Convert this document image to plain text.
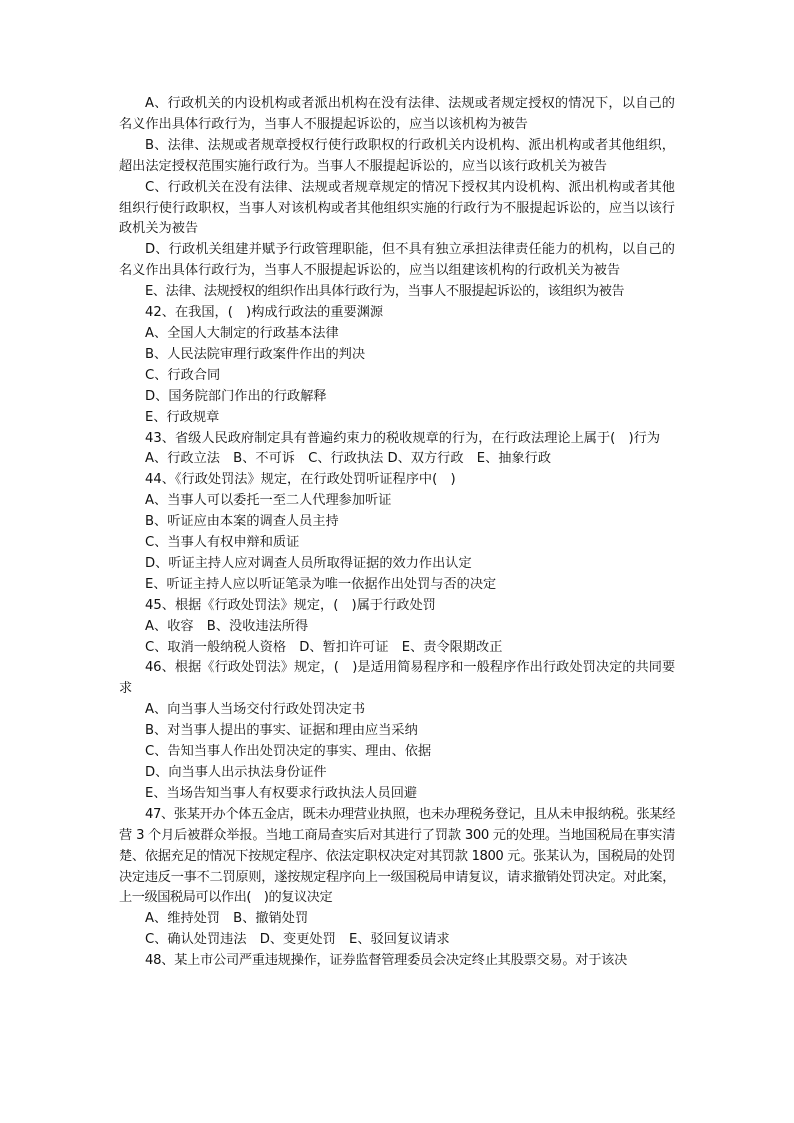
A、行政机关的内设机构或者派出机构在没有法律、法规或者规定授权的情况下，以自己的名义作出具体行政行为，当事人不服提起诉讼的，应当以该机构为被告

B、法律、法规或者规章授权行使行政职权的行政机关内设机构、派出机构或者其他组织，超出法定授权范围实施行政行为。当事人不服提起诉讼的，应当以该行政机关为被告

C、行政机关在没有法律、法规或者规章规定的情况下授权其内设机构、派出机构或者其他组织行使行政职权，当事人对该机构或者其他组织实施的行政行为不服提起诉讼的，应当以该行政机关为被告

D、行政机关组建并赋予行政管理职能，但不具有独立承担法律责任能力的机构，以自己的名义作出具体行政行为，当事人不服提起诉讼的，应当以组建该机构的行政机关为被告

E、法律、法规授权的组织作出具体行政行为，当事人不服提起诉讼的，该组织为被告

42、在我国，(　)构成行政法的重要渊源

A、全国人大制定的行政基本法律

B、人民法院审理行政案件作出的判决

C、行政合同

D、国务院部门作出的行政解释

E、行政规章

43、省级人民政府制定具有普遍约束力的税收规章的行为，在行政法理论上属于(　)行为

A、行政立法　B、不可诉　C、行政执法 D、双方行政　E、抽象行政

44、《行政处罚法》规定，在行政处罚听证程序中(　)

A、当事人可以委托一至二人代理参加听证

B、听证应由本案的调查人员主持

C、当事人有权申辩和质证

D、听证主持人应对调查人员所取得证据的效力作出认定

E、听证主持人应以听证笔录为唯一依据作出处罚与否的决定

45、根据《行政处罚法》规定，(　)属于行政处罚

A、收容　B、没收违法所得

C、取消一般纳税人资格　D、暂扣许可证　E、责令限期改正

46、根据《行政处罚法》规定，(　)是适用简易程序和一般程序作出行政处罚决定的共同要求

A、向当事人当场交付行政处罚决定书

B、对当事人提出的事实、证据和理由应当采纳

C、告知当事人作出处罚决定的事实、理由、依据

D、向当事人出示执法身份证件

E、当场告知当事人有权要求行政执法人员回避

47、张某开办个体五金店，既未办理营业执照，也未办理税务登记，且从未申报纳税。张某经营 3 个月后被群众举报。当地工商局查实后对其进行了罚款 300 元的处理。当地国税局在事实清楚、依据充足的情况下按规定程序、依法定职权决定对其罚款 1800 元。张某认为，国税局的处罚决定违反一事不二罚原则，遂按规定程序向上一级国税局申请复议，请求撤销处罚决定。对此案，上一级国税局可以作出(　)的复议决定

A、维持处罚　B、撤销处罚

C、确认处罚违法　D、变更处罚　E、驳回复议请求

48、某上市公司严重违规操作，证券监督管理委员会决定终止其股票交易。对于该决
